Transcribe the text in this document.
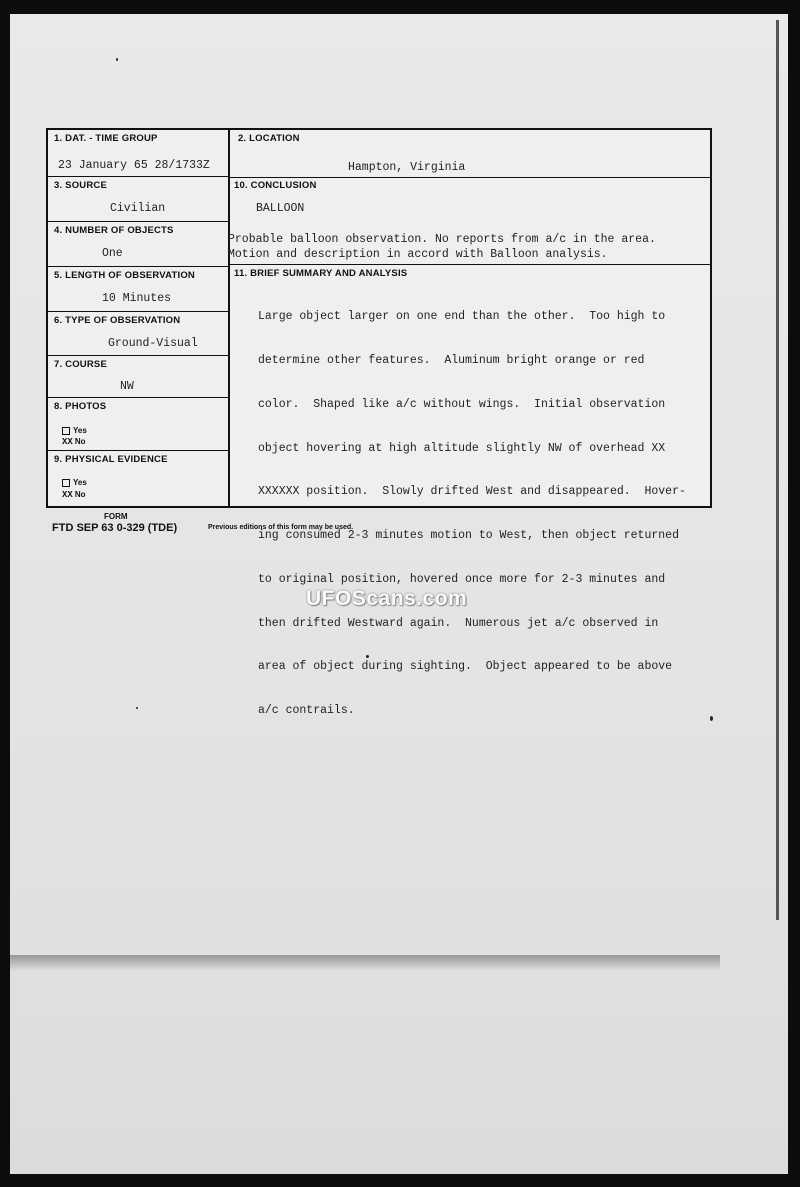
1. DAT. - TIME GROUP
23 January 65 28/1733Z
3. SOURCE
Civilian
4. NUMBER OF OBJECTS
One
5. LENGTH OF OBSERVATION
10 Minutes
6. TYPE OF OBSERVATION
Ground-Visual
7. COURSE
NW
8. PHOTOS
Yes
XX No
9. PHYSICAL EVIDENCE
Yes
XX No
2. LOCATION
Hampton, Virginia
10. CONCLUSION
BALLOON
Probable balloon observation. No reports from a/c in the area.
Motion and description in accord with Balloon analysis.
11. BRIEF SUMMARY AND ANALYSIS

Large object larger on one end than the other.  Too high to

determine other features.  Aluminum bright orange or red

color.  Shaped like a/c without wings.  Initial observation

object hovering at high altitude slightly NW of overhead XX

XXXXXX position.  Slowly drifted West and disappeared.  Hover-

ing consumed 2-3 minutes motion to West, then object returned

to original position, hovered once more for 2-3 minutes and

then drifted Westward again.  Numerous jet a/c observed in

area of object during sighting.  Object appeared to be above

a/c contrails.

FORM
FTD SEP 63 0-329 (TDE)	Previous editions of this form may be used.
UFOScans.com
